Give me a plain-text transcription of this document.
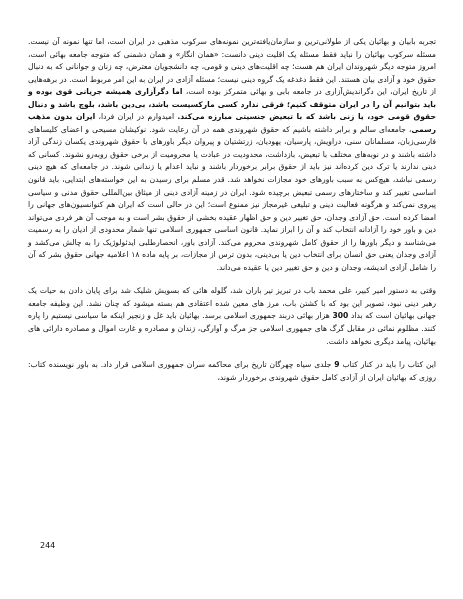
تجربه بابیان و بهائیان یکی از طولانی‌ترین و سازمان‌یافته‌ترین نمونه‌های سرکوب مذهبی در ایران است، اما تنها نمونه آن نیست. مسئله سرکوب بهائیان را نباید فقط مسئله یک اقلیت دینی دانست: «همان انگار» و همان دشمنی که متوجه جامعه بهائی است، امروز متوجه دیگر شهروندان ایران هم هست؛ چه اقلیت‌های دینی و قومی، چه دانشجویان معترض، چه زنان و جوانانی که به دنبال حقوق خود و آزادی بیان هستند. این فقط دغدغه یک گروه دینی نیست؛ مسئله آزادی در ایران به این امر مربوط است. در برهه‌هایی از تاریخ ایران، این دگراندیش‌آزاری در جامعه بابی و بهائی متمرکز بوده است، اما دگرآزاری همیشه جریانی قوی بوده و باید بتوانیم آن را در ایران متوقف کنیم؛ فرقی ندارد کسی مارکسیست باشد، بی‌دین باشد، بلوچ باشد و دنبال حقوق قومی خود، یا زنی باشد که با تبعیض جنسیتی مبارزه می‌کند. امیدوارم در ایران فردا، ایران بدون مذهب رسمی، جامعه‌ای سالم و برابر داشته باشیم که حقوق شهروندی همه در آن رعایت شود. نوکیشان مسیحی و اعضای کلیساهای فارسی‌زبان، مسلمانان سنی، دراویش، پارسیان، یهودیان، زرتشتیان و پیروان دیگر باورهای با حقوق شهروندی یکسان زندگی آزاد داشته باشند و در نوبه‌های مختلف با تبعیض، بازداشت، محدودیت در عبادت یا محرومیت از برخی حقوق روبه‌رو نشوند. کسانی که دینی ندارند یا ترک دین کرده‌اند نیز باید از حقوق برابر برخوردار باشند و نباید اعدام یا زندانی شوند. در جامعه‌ای که هیچ دینی رسمی نباشد، هیچ‌کس به سبب باورهای خود مجازات نخواهد شد. قدر مسلم برای رسیدن به این خواسته‌های ابتدایی، باید قانون اساسی تغییر کند و ساختارهای رسمی تبعیض برچیده شود. ایران در زمینه آزادی دینی از میثاق بین‌المللی حقوق مدنی و سیاسی پیروی نمی‌کند و هرگونه فعالیت دینی و تبلیغی غیرمجاز نیز ممنوع است؛ این در حالی است که ایران هم کنوانسیون‌های جهانی را امضا کرده است. حق آزادی وجدان، حق تغییر دین و حق اظهار عقیده بخشی از حقوق بشر است و به موجب آن هر فردی می‌تواند دین و باور خود را آزادانه انتخاب کند و آن را ابراز نماید. قانون اساسی جمهوری اسلامی تنها شمار محدودی از ادیان را به رسمیت می‌شناسد و دیگر باورها را از حقوق کامل شهروندی محروم می‌کند. آزادی باور، انحصارطلبی ایدئولوژیک را به چالش می‌کشد و آزادی وجدان یعنی حق انسان برای انتخاب دین یا بی‌دینی، بدون ترس از مجازات، بر پایه ماده ۱۸ اعلامیه جهانی حقوق بشر که آن را شامل آزادی اندیشه، وجدان و دین و حق تغییر دین یا عقیده می‌داند.

وقتی به دستور امیر کبیر، علی محمد باب در تبریز تیر باران شد، گلوله هائی که بسویش شلیک شد برای پایان دادن به حیات یک رهبر دینی نبود، تصویر این بود که با کشتن باب، مرز های معین شده اعتقادی هم بسته میشود که چنان نشد. این وظیفه جامعه جهانی بهائیان است که بداد 300 هزار بهائی دربند جمهوری اسلامی برسد. بهائیان باید غل و زنجیر اینکه ما سیاسی نیستیم را پاره کنند. مظلوم نمائی در مقابل گرگ های جمهوری اسلامی جز مرگ و آوارگی، زندان و مصادره و غارت اموال و مصادره دارائی های بهائیان، پیامد دیگری نخواهد داشت.

این کتاب را باید در کنار کتاب 9 جلدی سیاه چهرگان تاریخ برای محاکمه سران جمهوری اسلامی قرار داد. به باور نویسنده کتاب: روزی که بهائیان ایران از آزادی کامل حقوق شهروندی برخوردار شوند،

244
